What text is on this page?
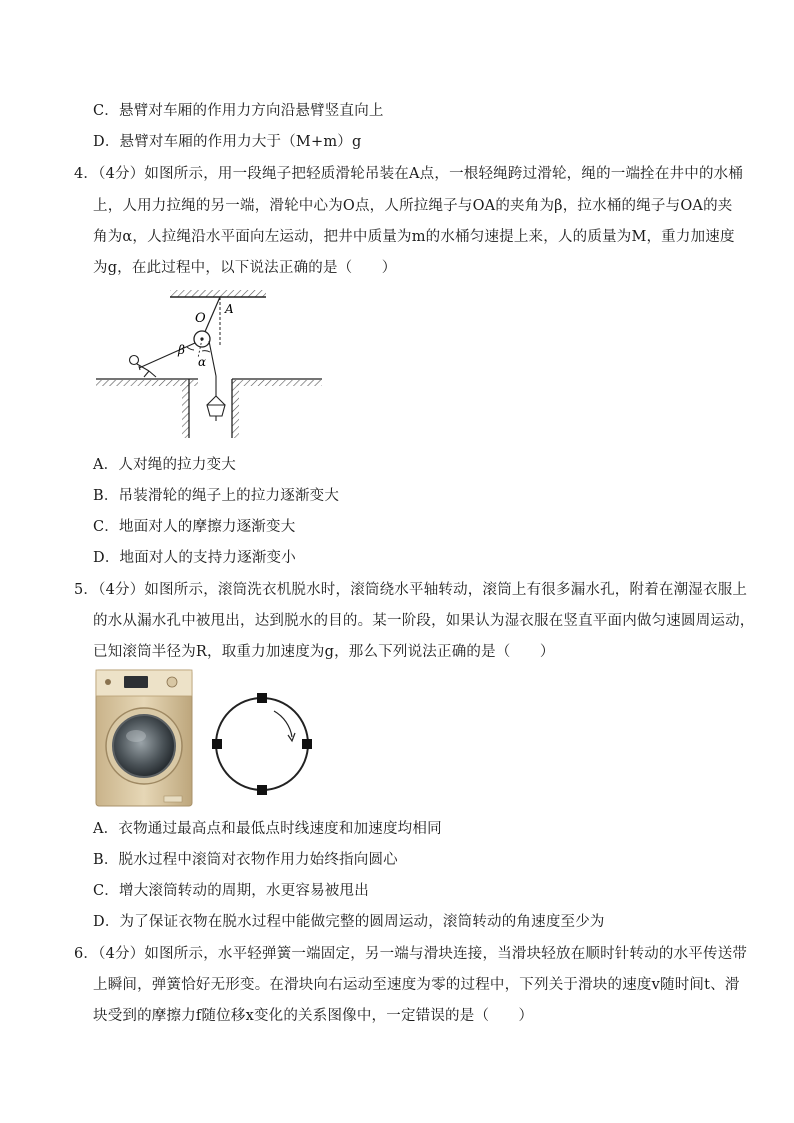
C．悬臂对车厢的作用力方向沿悬臂竖直向上
D．悬臂对车厢的作用力大于（M+m）g
4．（4分）如图所示，用一段绳子把轻质滑轮吊装在A点，一根轻绳跨过滑轮，绳的一端拴在井中的水桶
上，人用力拉绳的另一端，滑轮中心为O点，人所拉绳子与OA的夹角为β，拉水桶的绳子与OA的夹
角为α，人拉绳沿水平面向左运动，把井中质量为m的水桶匀速提上来，人的质量为M，重力加速度
为g，在此过程中，以下说法正确的是（　　）
A
O
β
α
A．人对绳的拉力变大
B．吊装滑轮的绳子上的拉力逐渐变大
C．地面对人的摩擦力逐渐变大
D．地面对人的支持力逐渐变小
5．（4分）如图所示，滚筒洗衣机脱水时，滚筒绕水平轴转动，滚筒上有很多漏水孔，附着在潮湿衣服上
的水从漏水孔中被甩出，达到脱水的目的。某一阶段，如果认为湿衣服在竖直平面内做匀速圆周运动，
已知滚筒半径为R，取重力加速度为g，那么下列说法正确的是（　　）
A．衣物通过最高点和最低点时线速度和加速度均相同
B．脱水过程中滚筒对衣物作用力始终指向圆心
C．增大滚筒转动的周期，水更容易被甩出
D．为了保证衣物在脱水过程中能做完整的圆周运动，滚筒转动的角速度至少为
6．（4分）如图所示，水平轻弹簧一端固定，另一端与滑块连接，当滑块轻放在顺时针转动的水平传送带
上瞬间，弹簧恰好无形变。在滑块向右运动至速度为零的过程中，下列关于滑块的速度v随时间t、滑
块受到的摩擦力f随位移x变化的关系图像中，一定错误的是（　　）
